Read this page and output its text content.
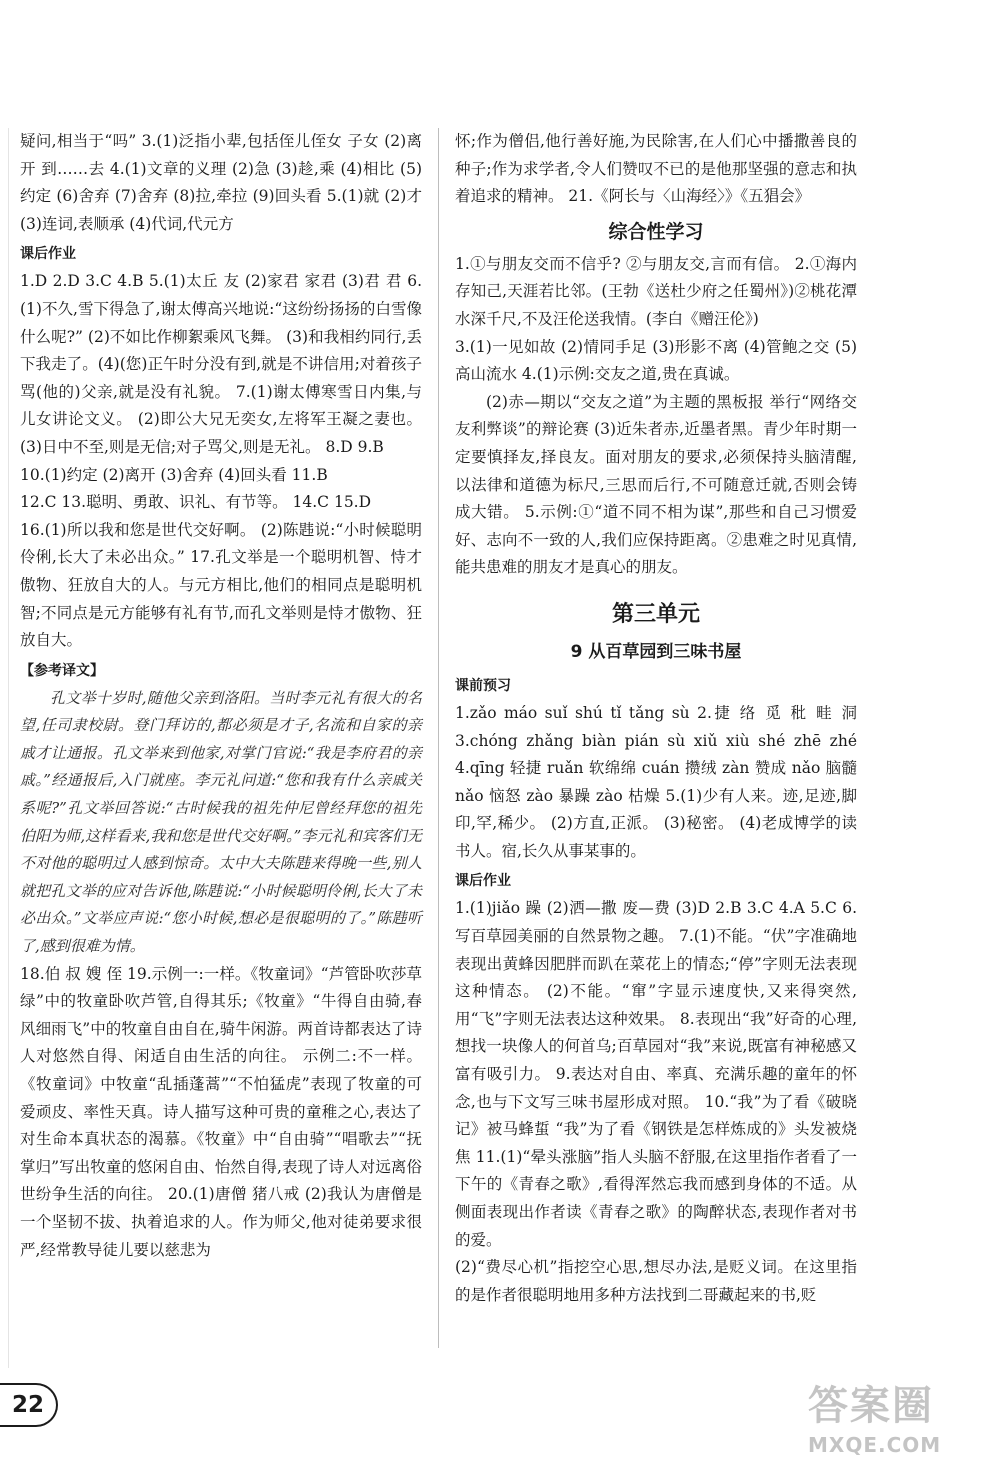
疑问,相当于“吗” 3.(1)泛指小辈,包括侄儿侄女 子女 (2)离开 到……去 4.(1)文章的义理 (2)急 (3)趁,乘 (4)相比 (5)约定 (6)舍弃 (7)舍弃 (8)拉,牵拉 (9)回头看 5.(1)就 (2)才 (3)连词,表顺承 (4)代词,代元方

课后作业

1.D 2.D 3.C 4.B 5.(1)太丘 友 (2)家君 家君 (3)君 君 6.(1)不久,雪下得急了,谢太傅高兴地说:“这纷纷扬扬的白雪像什么呢?” (2)不如比作柳絮乘风飞舞。 (3)和我相约同行,丢下我走了。(4)(您)正午时分没有到,就是不讲信用;对着孩子骂(他的)父亲,就是没有礼貌。 7.(1)谢太傅寒雪日内集,与儿女讲论文义。 (2)即公大兄无奕女,左将军王凝之妻也。 (3)日中不至,则是无信;对子骂父,则是无礼。 8.D 9.B

10.(1)约定 (2)离开 (3)舍弃 (4)回头看 11.B

12.C 13.聪明、勇敢、识礼、有节等。 14.C 15.D

16.(1)所以我和您是世代交好啊。 (2)陈韪说:“小时候聪明伶俐,长大了未必出众。” 17.孔文举是一个聪明机智、恃才傲物、狂放自大的人。与元方相比,他们的相同点是聪明机智;不同点是元方能够有礼有节,而孔文举则是恃才傲物、狂放自大。

【参考译文】

孔文举十岁时,随他父亲到洛阳。当时李元礼有很大的名望,任司隶校尉。登门拜访的,都必须是才子,名流和自家的亲戚才让通报。孔文举来到他家,对掌门官说:“我是李府君的亲戚。”经通报后,入门就座。李元礼问道:“您和我有什么亲戚关系呢?”孔文举回答说:“古时候我的祖先仲尼曾经拜您的祖先伯阳为师,这样看来,我和您是世代交好啊。”李元礼和宾客们无不对他的聪明过人感到惊奇。太中大夫陈韪来得晚一些,别人就把孔文举的应对告诉他,陈韪说:“小时候聪明伶俐,长大了未必出众。”文举应声说:“您小时候,想必是很聪明的了。”陈韪听了,感到很难为情。

18.伯 叔 嫂 侄 19.示例一:一样。《牧童词》“芦管卧吹莎草绿”中的牧童卧吹芦管,自得其乐;《牧童》“牛得自由骑,春风细雨飞”中的牧童自由自在,骑牛闲游。两首诗都表达了诗人对悠然自得、闲适自由生活的向往。 示例二:不一样。《牧童词》中牧童“乱插蓬蒿”“不怕猛虎”表现了牧童的可爱顽皮、率性天真。诗人描写这种可贵的童稚之心,表达了对生命本真状态的渴慕。《牧童》中“自由骑”“唱歌去”“抚掌归”写出牧童的悠闲自由、怡然自得,表现了诗人对远离俗世纷争生活的向往。 20.(1)唐僧 猪八戒 (2)我认为唐僧是一个坚韧不拔、执着追求的人。作为师父,他对徒弟要求很严,经常教导徒儿要以慈悲为

怀;作为僧侣,他行善好施,为民除害,在人们心中播撒善良的种子;作为求学者,令人们赞叹不已的是他那坚强的意志和执着追求的精神。 21.《阿长与〈山海经〉》《五猖会》

综合性学习

1.①与朋友交而不信乎? ②与朋友交,言而有信。 2.①海内存知己,天涯若比邻。(王勃《送杜少府之任蜀州》)②桃花潭水深千尺,不及汪伦送我情。(李白《赠汪伦》)

3.(1)一见如故 (2)情同手足 (3)形影不离 (4)管鲍之交 (5)高山流水 4.(1)示例:交友之道,贵在真诚。

(2)赤—期以“交友之道”为主题的黑板报 举行“网络交友利弊谈”的辩论赛 (3)近朱者赤,近墨者黑。青少年时期一定要慎择友,择良友。面对朋友的要求,必须保持头脑清醒,以法律和道德为标尺,三思而后行,不可随意迁就,否则会铸成大错。 5.示例:①“道不同不相为谋”,那些和自己习惯爱好、志向不一致的人,我们应保持距离。②患难之时见真情,能共患难的朋友才是真心的朋友。

第三单元
9 从百草园到三味书屋
课前预习

1.zǎo máo suǐ shú tǐ tǎng sù 2.捷 络 觅 秕 畦 洞 3.chóng zhǎng biàn pián sù xiǔ xiù shé zhē zhé 4.qīng 轻捷 ruǎn 软绵绵 cuán 攒绒 zàn 赞成 nǎo 脑髓 nǎo 恼怒 zào 暴躁 zào 枯燥 5.(1)少有人来。迹,足迹,脚印,罕,稀少。 (2)方直,正派。 (3)秘密。 (4)老成博学的读书人。宿,长久从事某事的。

课后作业

1.(1)jiǎo 躁 (2)洒—撒 废—费 (3)D 2.B 3.C 4.A 5.C 6.写百草园美丽的自然景物之趣。 7.(1)不能。“伏”字准确地表现出黄蜂因肥胖而趴在菜花上的情态;“停”字则无法表现这种情态。 (2)不能。“窜”字显示速度快,又来得突然,用“飞”字则无法表达这种效果。 8.表现出“我”好奇的心理,想找一块像人的何首乌;百草园对“我”来说,既富有神秘感又富有吸引力。 9.表达对自由、率真、充满乐趣的童年的怀念,也与下文写三味书屋形成对照。 10.“我”为了看《破晓记》被马蜂蜇 “我”为了看《钢铁是怎样炼成的》头发被烧焦 11.(1)“晕头涨脑”指人头脑不舒服,在这里指作者看了一下午的《青春之歌》,看得浑然忘我而感到身体的不适。从侧面表现出作者读《青春之歌》的陶醉状态,表现作者对书的爱。

(2)“费尽心机”指挖空心思,想尽办法,是贬义词。在这里指的是作者很聪明地用多种方法找到二哥藏起来的书,贬

22	答案圈
MXQE.COM
